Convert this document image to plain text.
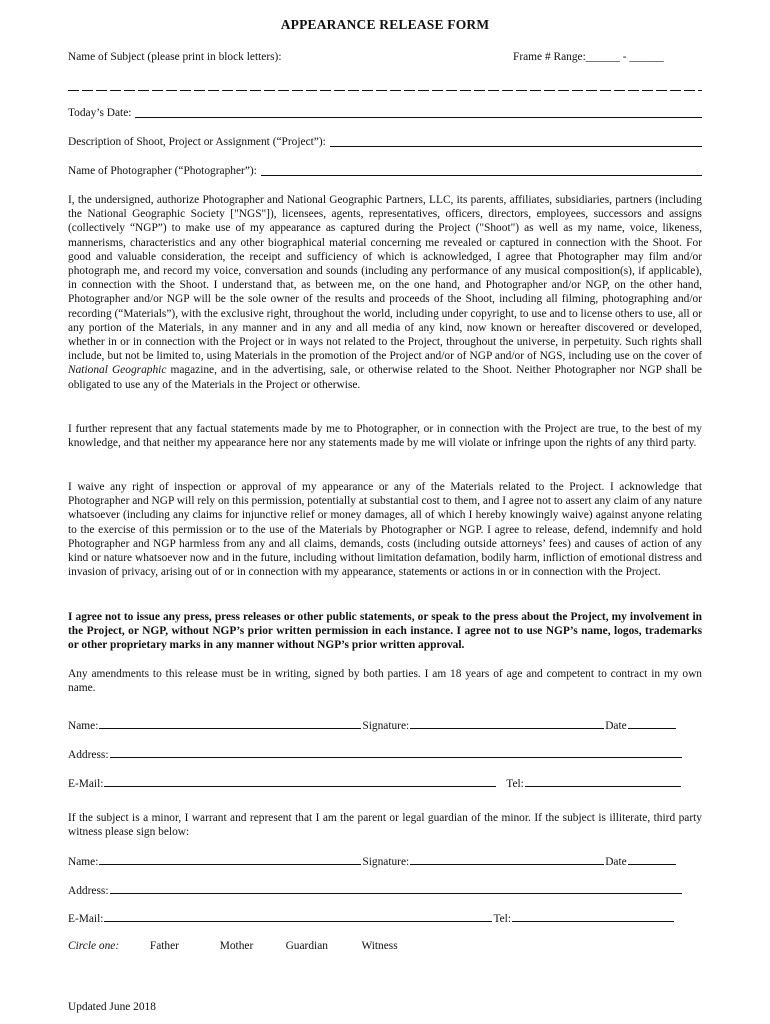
APPEARANCE RELEASE FORM
Name of Subject (please print in block letters):	Frame # Range:______ - ______
Today’s Date:
Description of Shoot, Project or Assignment (“Project”):
Name of Photographer (“Photographer”):
I, the undersigned, authorize Photographer and National Geographic Partners, LLC, its parents, affiliates, subsidiaries, partners (including the National Geographic Society ["NGS"]), licensees, agents, representatives, officers, directors, employees, successors and assigns (collectively “NGP”) to make use of my appearance as captured during the Project ("Shoot") as well as my name, voice, likeness, mannerisms, characteristics and any other biographical material concerning me revealed or captured in connection with the Shoot. For good and valuable consideration, the receipt and sufficiency of which is acknowledged, I agree that Photographer may film and/or photograph me, and record my voice, conversation and sounds (including any performance of any musical composition(s), if applicable), in connection with the Shoot. I understand that, as between me, on the one hand, and Photographer and/or NGP, on the other hand, Photographer and/or NGP will be the sole owner of the results and proceeds of the Shoot, including all filming, photographing and/or recording (“Materials”), with the exclusive right, throughout the world, including under copyright, to use and to license others to use, all or any portion of the Materials, in any manner and in any and all media of any kind, now known or hereafter discovered or developed, whether in or in connection with the Project or in ways not related to the Project, throughout the universe, in perpetuity. Such rights shall include, but not be limited to, using Materials in the promotion of the Project and/or of NGP and/or of NGS, including use on the cover of National Geographic magazine, and in the advertising, sale, or otherwise related to the Shoot. Neither Photographer nor NGP shall be obligated to use any of the Materials in the Project or otherwise.
I further represent that any factual statements made by me to Photographer, or in connection with the Project are true, to the best of my knowledge, and that neither my appearance here nor any statements made by me will violate or infringe upon the rights of any third party.
I waive any right of inspection or approval of my appearance or any of the Materials related to the Project. I acknowledge that Photographer and NGP will rely on this permission, potentially at substantial cost to them, and I agree not to assert any claim of any nature whatsoever (including any claims for injunctive relief or money damages, all of which I hereby knowingly waive) against anyone relating to the exercise of this permission or to the use of the Materials by Photographer or NGP. I agree to release, defend, indemnify and hold Photographer and NGP harmless from any and all claims, demands, costs (including outside attorneys’ fees) and causes of action of any kind or nature whatsoever now and in the future, including without limitation defamation, bodily harm, infliction of emotional distress and invasion of privacy, arising out of or in connection with my appearance, statements or actions in or in connection with the Project.
I agree not to issue any press, press releases or other public statements, or speak to the press about the Project, my involvement in the Project, or NGP, without NGP’s prior written permission in each instance. I agree not to use NGP’s name, logos, trademarks or other proprietary marks in any manner without NGP’s prior written approval.
Any amendments to this release must be in writing, signed by both parties. I am 18 years of age and competent to contract in my own name.
Name:	Signature:	Date
Address:
E-Mail:	Tel:
If the subject is a minor, I warrant and represent that I am the parent or legal guardian of the minor. If the subject is illiterate, third party witness please sign below:
Name:	Signature:	Date
Address:
E-Mail:	Tel:
Circle one:	Father	Mother	Guardian	Witness
Updated June 2018
